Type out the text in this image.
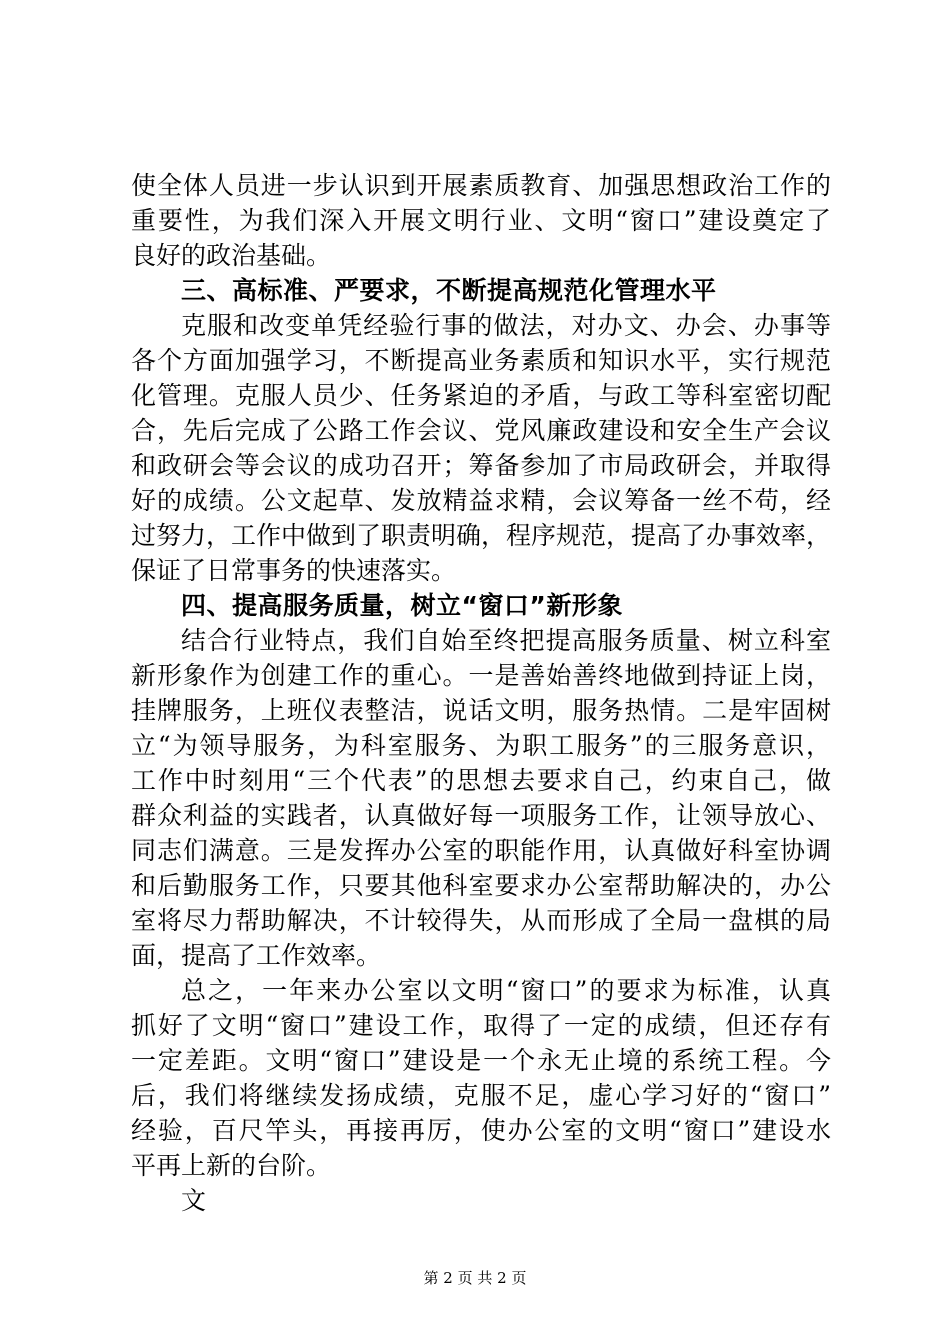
使全体人员进一步认识到开展素质教育、加强思想政治工作的
重要性，为我们深入开展文明行业、文明“窗口”建设奠定了
良好的政治基础。
三、高标准、严要求，不断提高规范化管理水平
克服和改变单凭经验行事的做法，对办文、办会、办事等
各个方面加强学习，不断提高业务素质和知识水平，实行规范
化管理。克服人员少、任务紧迫的矛盾，与政工等科室密切配
合，先后完成了公路工作会议、党风廉政建设和安全生产会议
和政研会等会议的成功召开；筹备参加了市局政研会，并取得
好的成绩。公文起草、发放精益求精，会议筹备一丝不苟，经
过努力，工作中做到了职责明确，程序规范，提高了办事效率，
保证了日常事务的快速落实。
四、提高服务质量，树立“窗口”新形象
结合行业特点，我们自始至终把提高服务质量、树立科室
新形象作为创建工作的重心。一是善始善终地做到持证上岗，
挂牌服务，上班仪表整洁，说话文明，服务热情。二是牢固树
立“为领导服务，为科室服务、为职工服务”的三服务意识，
工作中时刻用“三个代表”的思想去要求自己，约束自己，做
群众利益的实践者，认真做好每一项服务工作，让领导放心、
同志们满意。三是发挥办公室的职能作用，认真做好科室协调
和后勤服务工作，只要其他科室要求办公室帮助解决的，办公
室将尽力帮助解决，不计较得失，从而形成了全局一盘棋的局
面，提高了工作效率。
总之，一年来办公室以文明“窗口”的要求为标准，认真
抓好了文明“窗口”建设工作，取得了一定的成绩，但还存有
一定差距。文明“窗口”建设是一个永无止境的系统工程。今
后，我们将继续发扬成绩，克服不足，虚心学习好的“窗口”
经验，百尺竿头，再接再厉，使办公室的文明“窗口”建设水
平再上新的台阶。
文
第 2 页 共 2 页
